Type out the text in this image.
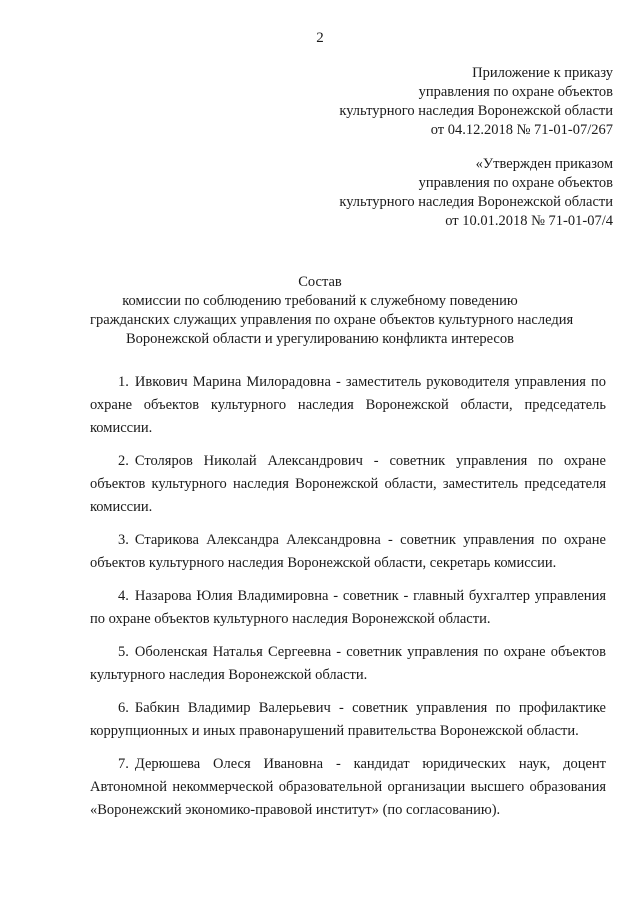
2
Приложение к приказу
управления по охране объектов
культурного наследия Воронежской области
от 04.12.2018 № 71-01-07/267
«Утвержден приказом
управления по охране объектов
культурного наследия Воронежской области
от 10.01.2018 № 71-01-07/4
Состав
комиссии по соблюдению требований к служебному поведению
гражданских служащих управления по охране объектов культурного наследия
Воронежской области и урегулированию конфликта интересов

1. Ивкович Марина Милорадовна - заместитель руководителя управления по охране объектов культурного наследия Воронежской области, председатель комиссии.

2. Столяров Николай Александрович - советник управления по охране объектов культурного наследия Воронежской области, заместитель председателя комиссии.

3. Старикова Александра Александровна - советник управления по охране объектов культурного наследия Воронежской области, секретарь комиссии.

4. Назарова Юлия Владимировна - советник - главный бухгалтер управления по охране объектов культурного наследия Воронежской области.

5. Оболенская Наталья Сергеевна - советник управления по охране объектов культурного наследия Воронежской области.

6. Бабкин Владимир Валерьевич - советник управления по профилактике коррупционных и иных правонарушений правительства Воронежской области.

7. Дерюшева Олеся Ивановна - кандидат юридических наук, доцент Автономной некоммерческой образовательной организации высшего образования «Воронежский экономико-правовой институт» (по согласованию).
